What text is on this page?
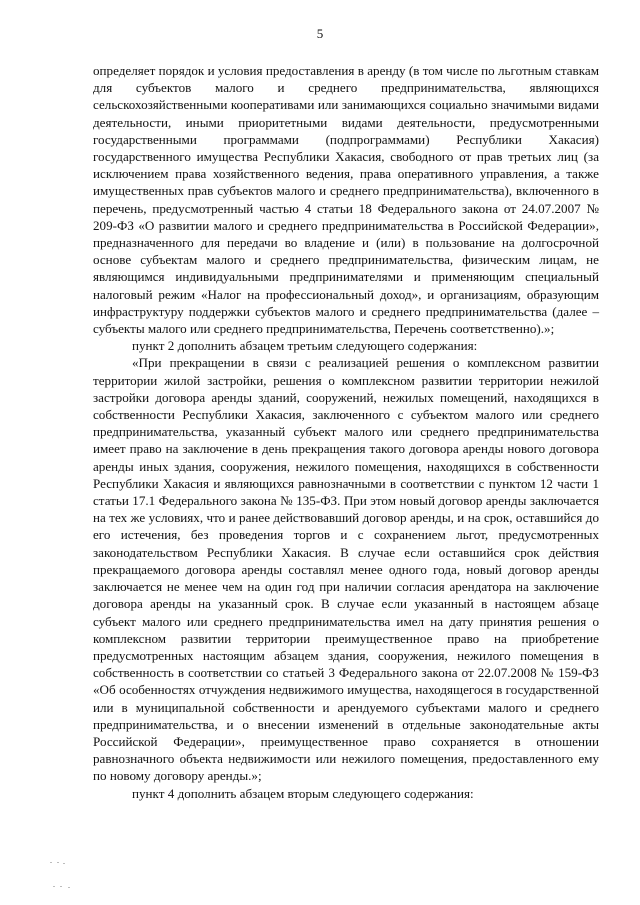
5

определяет порядок и условия предоставления в аренду (в том числе по льготным ставкам для субъектов малого и среднего предпринимательства, являющихся сельскохозяйственными кооперативами или занимающихся социально значимыми видами деятельности, иными приоритетными видами деятельности, предусмотренными государственными программами (подпрограммами) Республики Хакасия) государственного имущества Республики Хакасия, свободного от прав третьих лиц (за исключением права хозяйственного ведения, права оперативного управления, а также имущественных прав субъектов малого и среднего предпринимательства), включенного в перечень, предусмотренный частью 4 статьи 18 Федерального закона от 24.07.2007 № 209-ФЗ «О развитии малого и среднего предпринимательства в Российской Федерации», предназначенного для передачи во владение и (или) в пользование на долгосрочной основе субъектам малого и среднего предпринимательства, физическим лицам, не являющимся индивидуальными предпринимателями и применяющим специальный налоговый режим «Налог на профессиональный доход», и организациям, образующим инфраструктуру поддержки субъектов малого и среднего предпринимательства (далее – субъекты малого или среднего предпринимательства, Перечень соответственно).»;

пункт 2 дополнить абзацем третьим следующего содержания:

«При прекращении в связи с реализацией решения о комплексном развитии территории жилой застройки, решения о комплексном развитии территории нежилой застройки договора аренды зданий, сооружений, нежилых помещений, находящихся в собственности Республики Хакасия, заключенного с субъектом малого или среднего предпринимательства, указанный субъект малого или среднего предпринимательства имеет право на заключение в день прекращения такого договора аренды нового договора аренды иных здания, сооружения, нежилого помещения, находящихся в собственности Республики Хакасия и являющихся равнозначными в соответствии с пунктом 12 части 1 статьи 17.1 Федерального закона № 135-ФЗ. При этом новый договор аренды заключается на тех же условиях, что и ранее действовавший договор аренды, и на срок, оставшийся до его истечения, без проведения торгов и с сохранением льгот, предусмотренных законодательством Республики Хакасия. В случае если оставшийся срок действия прекращаемого договора аренды составлял менее одного года, новый договор аренды заключается не менее чем на один год при наличии согласия арендатора на заключение договора аренды на указанный срок. В случае если указанный в настоящем абзаце субъект малого или среднего предпринимательства имел на дату принятия решения о комплексном развитии территории преимущественное право на приобретение предусмотренных настоящим абзацем здания, сооружения, нежилого помещения в собственность в соответствии со статьей 3 Федерального закона от 22.07.2008 № 159-ФЗ «Об особенностях отчуждения недвижимого имущества, находящегося в государственной или в муниципальной собственности и арендуемого субъектами малого и среднего предпринимательства, и о внесении изменений в отдельные законодательные акты Российской Федерации», преимущественное право сохраняется в отношении равнозначного объекта недвижимости или нежилого помещения, предоставленного ему по новому договору аренды.»;

пункт 4 дополнить абзацем вторым следующего содержания:
